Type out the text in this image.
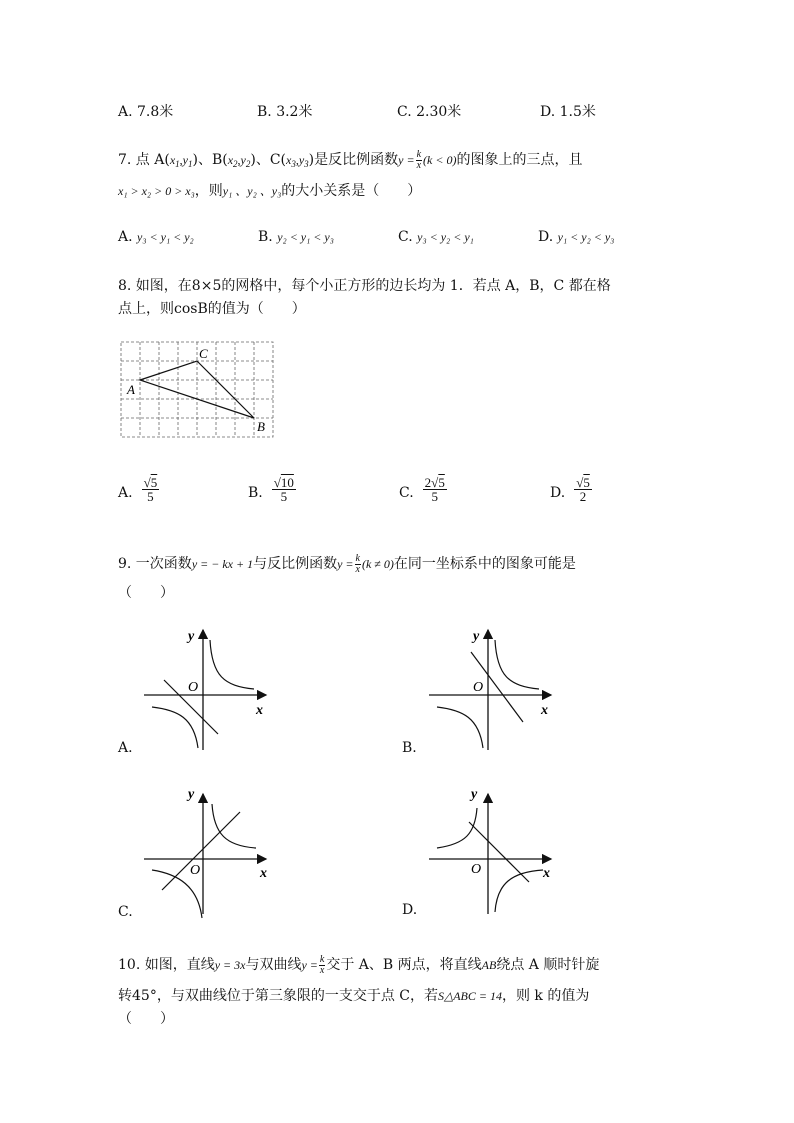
A. 7.8米	B. 3.2米	C. 2.30米	D. 1.5米
7. 点 $A(x_1,y_1)$、$B(x_2,y_2)$、$C(x_3,y_3)$是反比例函数$y = \frac{k}{x} (k < 0)$的图象上的三点，且
x₁ > x₂ > 0 > x₃，则y₁ 、y₂ 、y₃的大小关系是（　　）
A. y₃ < y₁ < y₂	B. y₂ < y₁ < y₃	C. y₃ < y₂ < y₁	D. y₁ < y₂ < y₃
8. 如图，在8×5的网格中，每个小正方形的边长均为 1．若点 A，B，C 都在格
点上，则cosB的值为（　　）
C
A
B
A. $\frac{√5}{5}$	B. $\frac{√10}{5}$	C. $\frac{2√5}{5}$	D. $\frac{√5}{2}$
9. 一次函数y = − kx + 1与反比例函数$y = \frac{k}{x} (k \ne 0)$在同一坐标系中的图象可能是
（　　）
y
x
O
A.
y
x
O
B.
y
x
O
C.
y
x
O
D.
10. 如图，直线y = 3x与双曲线$y = \frac{k}{x}$ 交于 A、B 两点，将直线AB绕点 A 顺时针旋
转45°，与双曲线位于第三象限的一支交于点 C，若S△ABC = 14，则 k 的值为
（　　）
